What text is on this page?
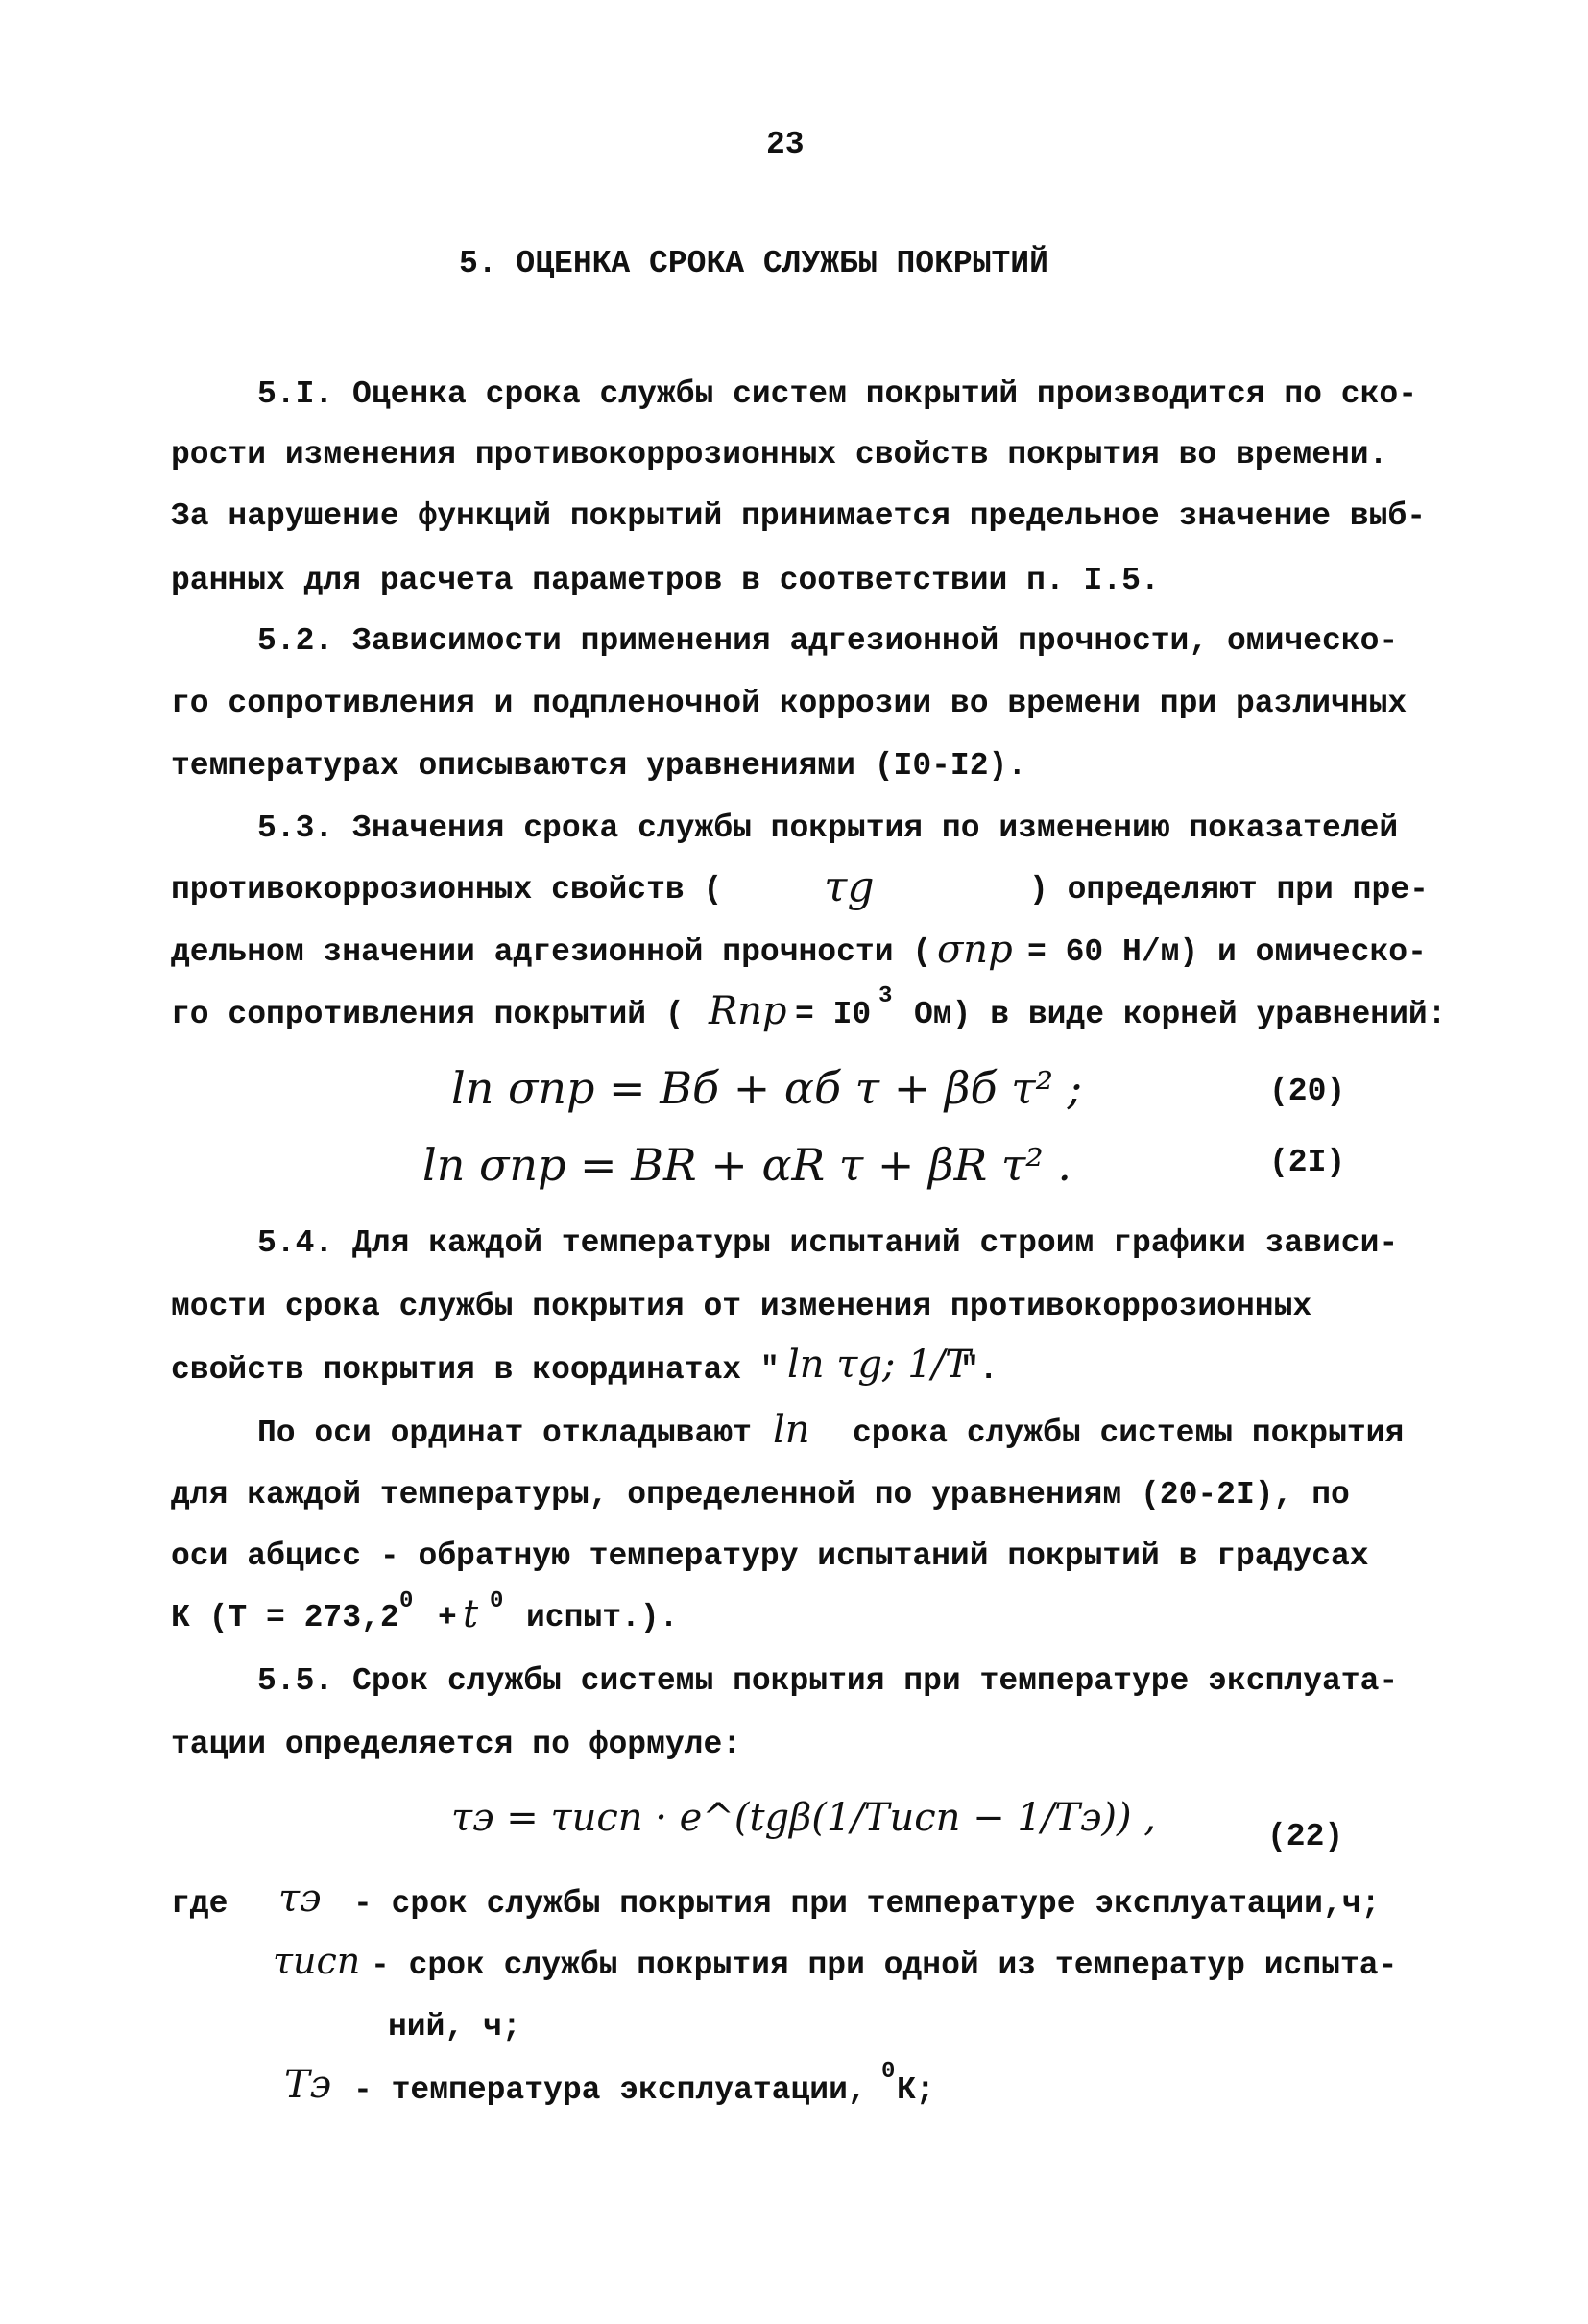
23
5. ОЦЕНКА СРОКА СЛУЖБЫ ПОКРЫТИЙ
5.I. Оценка срока службы систем покрытий производится по ско-
рости изменения противокоррозионных свойств покрытия во времени.
За нарушение функций покрытий принимается предельное значение выб-
ранных для расчета параметров в соответствии п. I.5.
5.2. Зависимости применения адгезионной прочности, омическо-
го сопротивления и подпленочной коррозии во времени при различных
температурах описываются уравнениями (I0-I2).
5.3. Значения срока службы покрытия по изменению показателей
противокоррозионных свойств ( τg	) определяют при пре-
дельном значении адгезионной прочности ( σпр = 60 Н/м) и омическо-
го сопротивления покрытий ( Rпр = I0
3
Ом) в виде корней уравнений:
ln σпр = Bб + αб τ + βб τ² ;	(20)
ln σпр = BR + αR τ + βR τ² .	(2I)
5.4. Для каждой температуры испытаний строим графики зависи-
мости срока службы покрытия от изменения противокоррозионных
свойств покрытия в координатах " ln τg; 1/T
".
По оси ординат откладывают ln срока службы системы покрытия
для каждой температуры, определенной по уравнениям (20-2I), по
оси абцисс - обратную температуру испытаний покрытий в градусах
К (Т = 273,2 0 + t 0 испыт.).
5.5. Срок службы системы покрытия при температуре эксплуата-
тации определяется по формуле:
τэ = τисп · e^(tgβ(1/Tисп − 1/Tэ)) ,	(22)
где τэ - срок службы покрытия при температуре эксплуатации,ч;
τисп - срок службы покрытия при одной из температур испыта-
ний, ч;
Tэ - температура эксплуатации,
0
К;
